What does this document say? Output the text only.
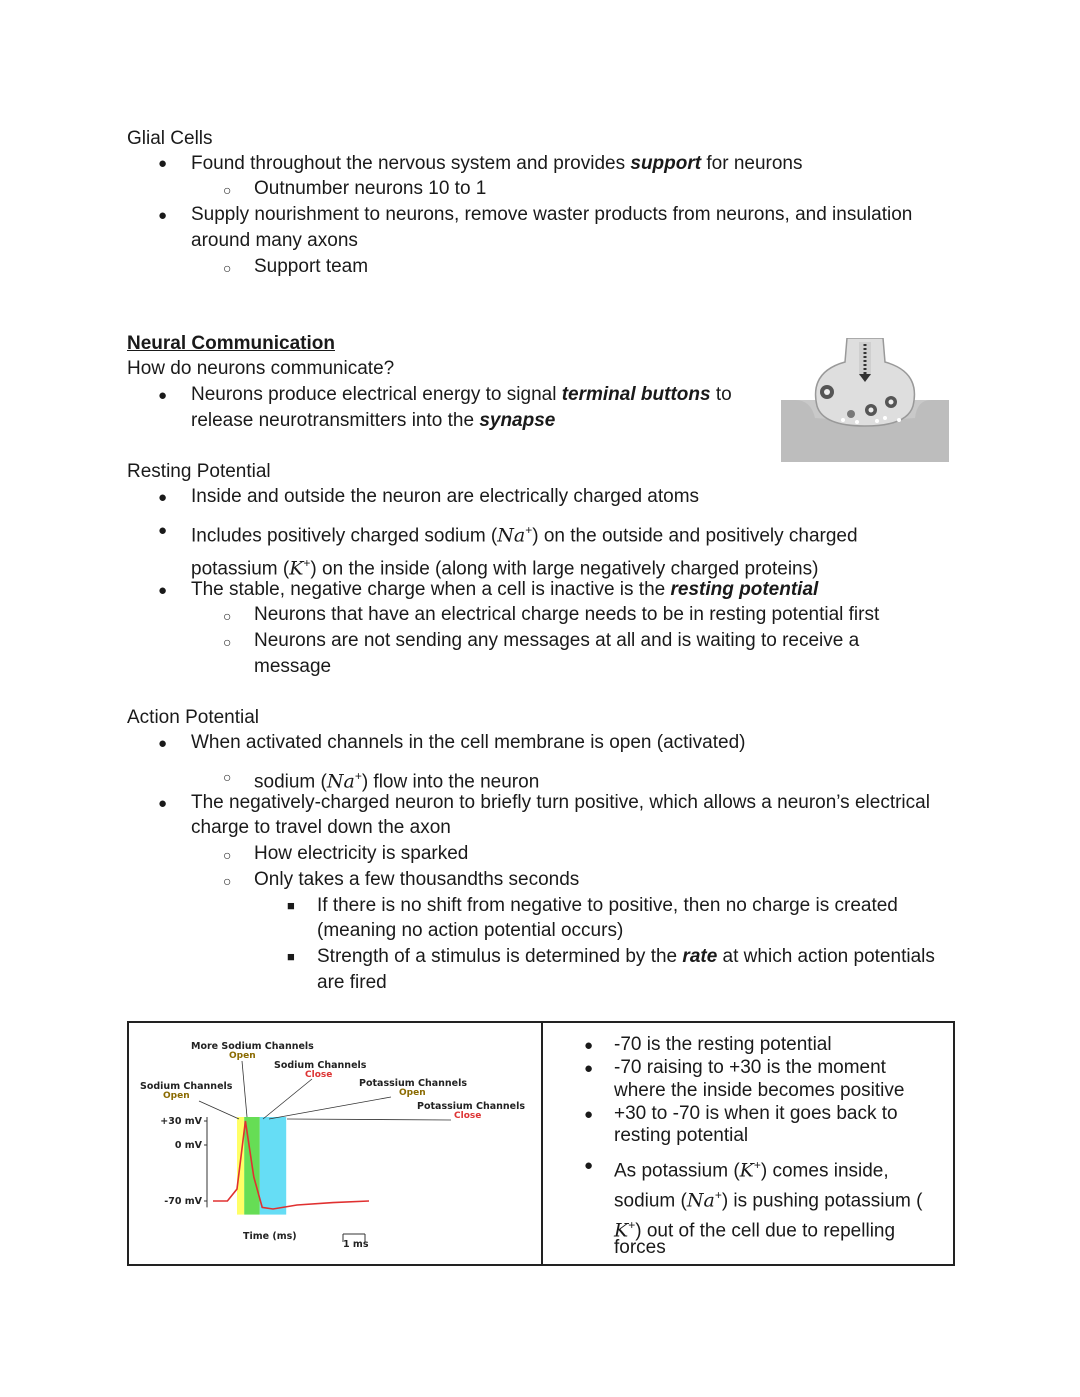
Glial Cells
● Found throughout the nervous system and provides support for neurons
○ Outnumber neurons 10 to 1
● Supply nourishment to neurons, remove waster products from neurons, and insulation
around many axons
○ Support team
Neural Communication
How do neurons communicate?
● Neurons produce electrical energy to signal terminal buttons to
release neurotransmitters into the synapse
Resting Potential
● Inside and outside the neuron are electrically charged atoms
● Includes positively charged sodium (Na+) on the outside and positively charged
potassium (K+) on the inside (along with large negatively charged proteins)
● The stable, negative charge when a cell is inactive is the resting potential
○ Neurons that have an electrical charge needs to be in resting potential first
○ Neurons are not sending any messages at all and is waiting to receive a
message
Action Potential
● When activated channels in the cell membrane is open (activated)
○ sodium (Na+) flow into the neuron
● The negatively-charged neuron to briefly turn positive, which allows a neuron’s electrical
charge to travel down the axon
○ How electricity is sparked
○ Only takes a few thousandths seconds
■ If there is no shift from negative to positive, then no charge is created
(meaning no action potential occurs)
■ Strength of a stimulus is determined by the rate at which action potentials
are fired
More Sodium Channels
Open
Sodium Channels
Close
Sodium Channels
Open
Potassium Channels
Open
Potassium Channels
Close
+30 mV
0 mV
-70 mV
Time (ms)
1 ms

● -70 is the resting potential
● -70 raising to +30 is the moment
where the inside becomes positive
● +30 to -70 is when it goes back to
resting potential
● As potassium (K+) comes inside,
sodium (Na+) is pushing potassium (
K+) out of the cell due to repelling
forces
